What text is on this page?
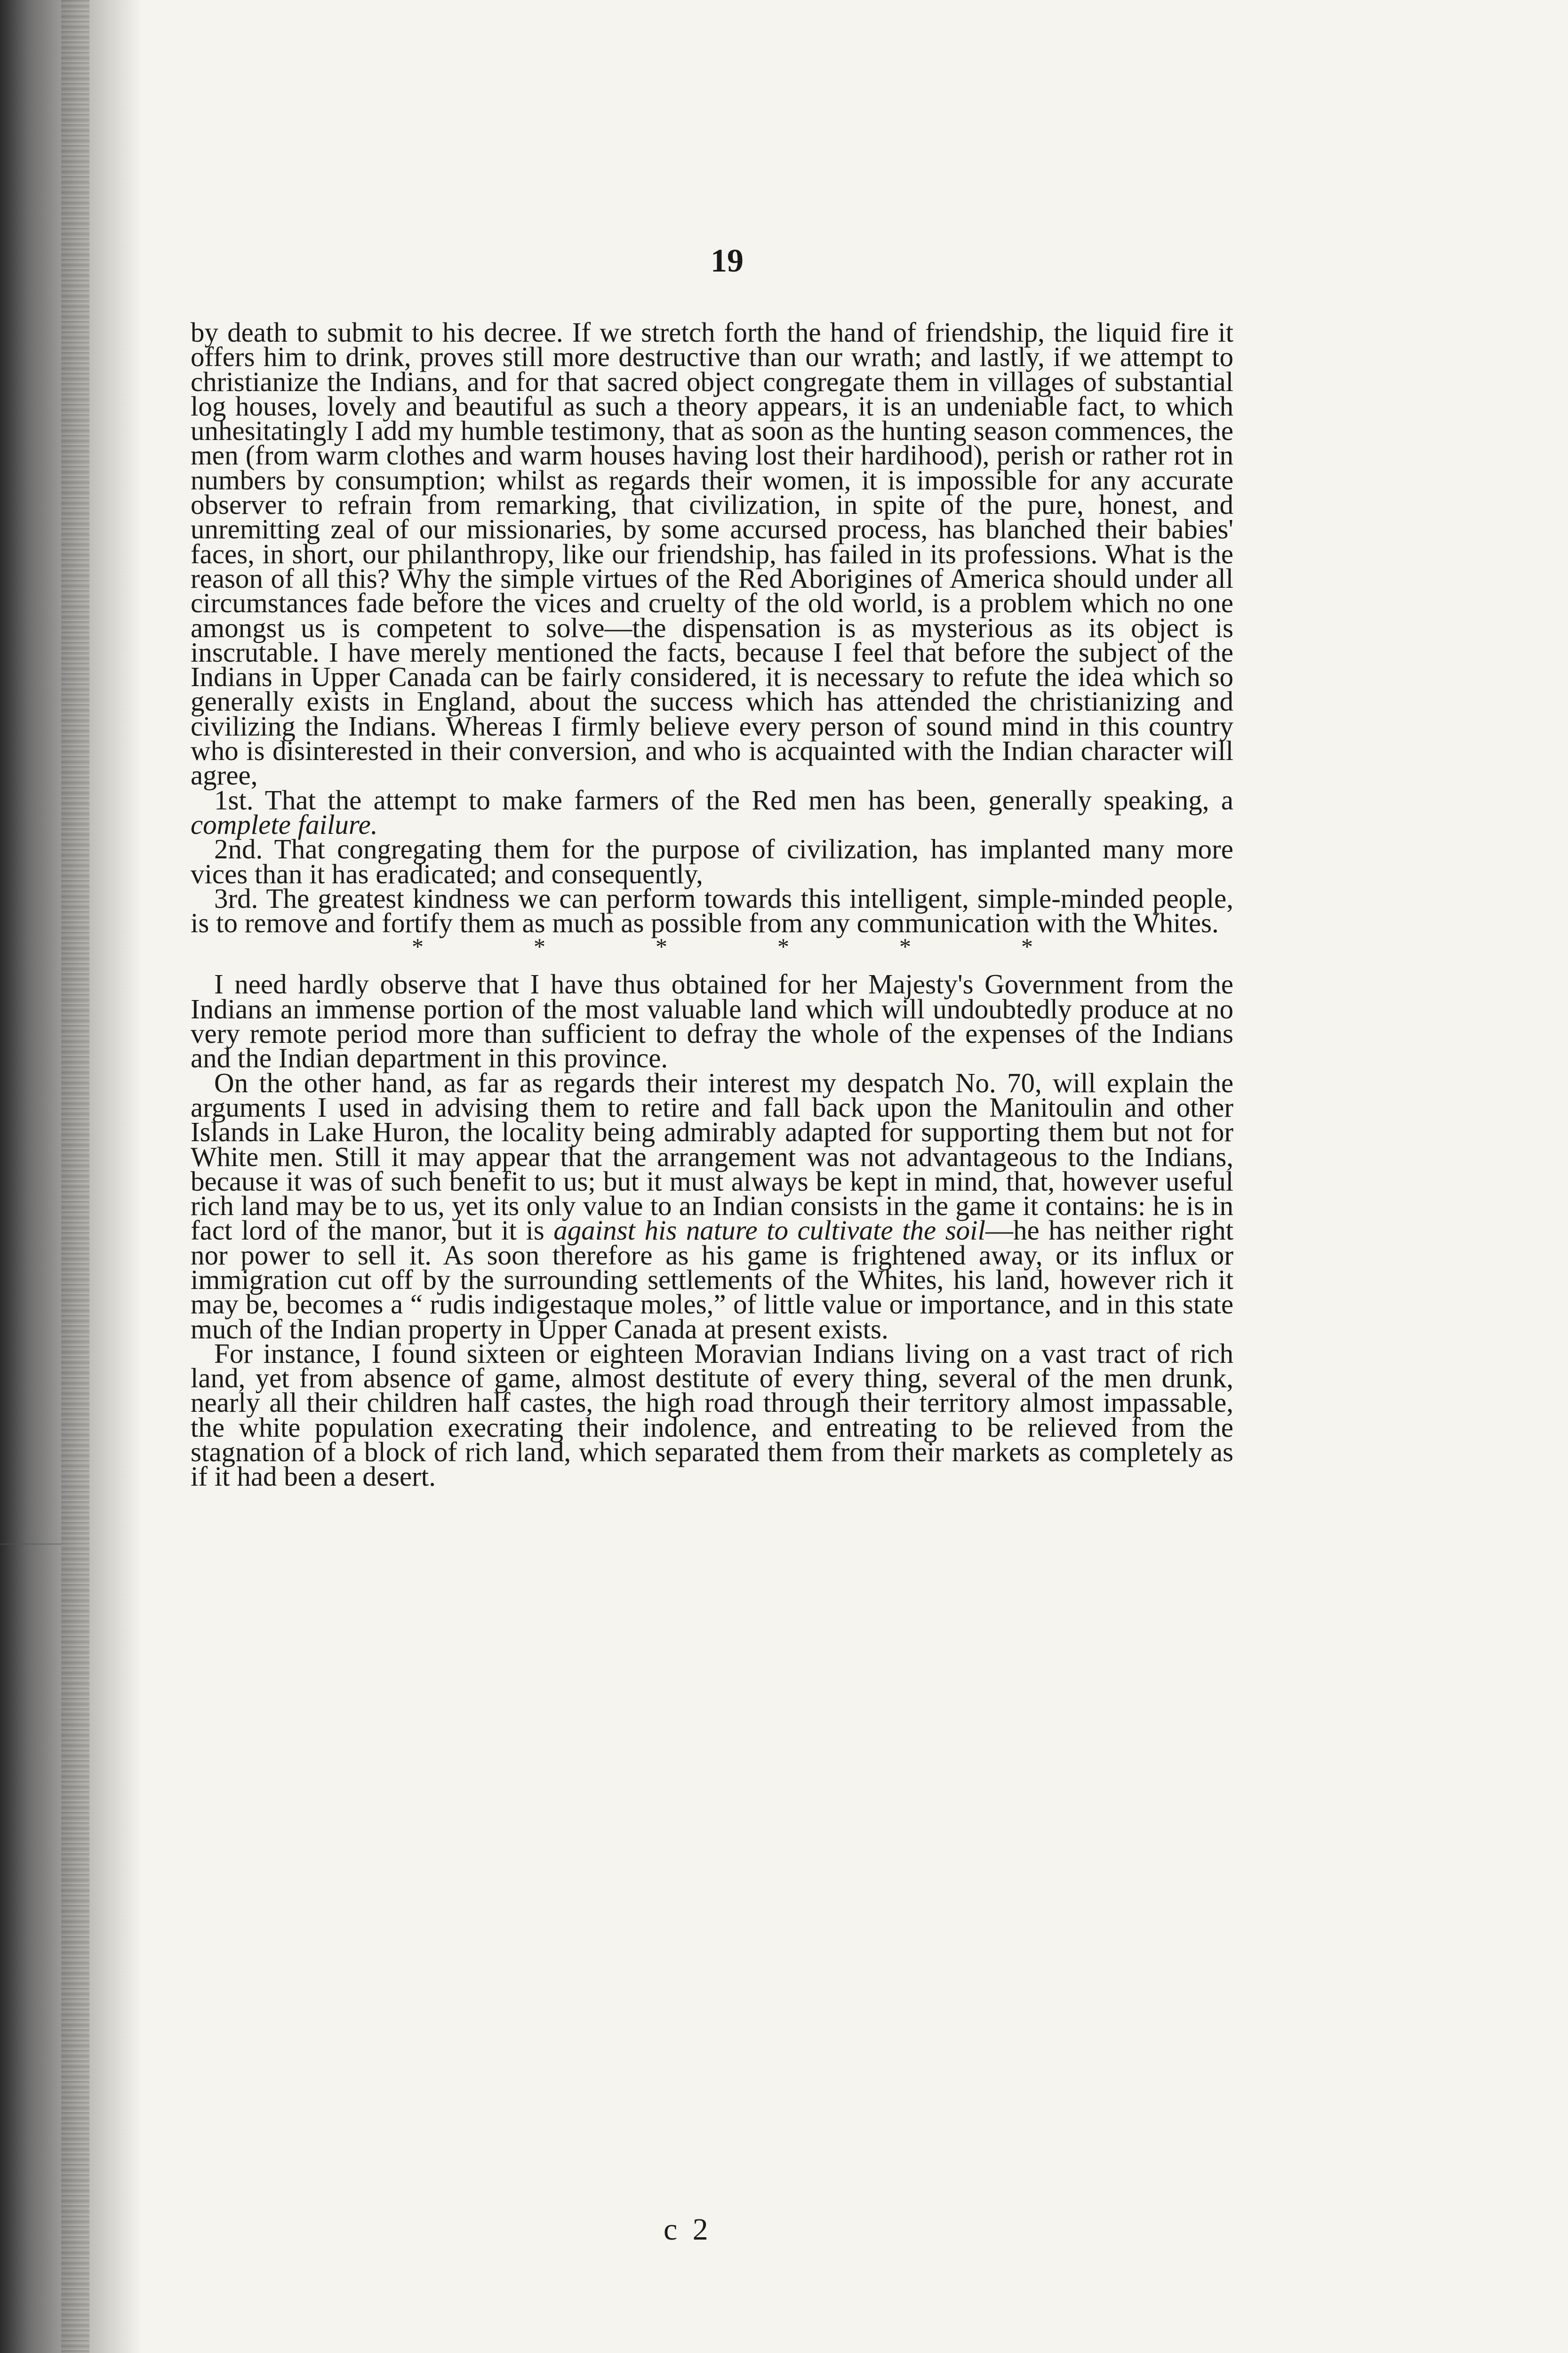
19

by death to submit to his decree. If we stretch forth the hand of friendship, the liquid fire it offers him to drink, proves still more destructive than our wrath; and lastly, if we attempt to christianize the Indians, and for that sacred object congregate them in villages of substantial log houses, lovely and beautiful as such a theory appears, it is an undeniable fact, to which unhesitatingly I add my humble testimony, that as soon as the hunting season commences, the men (from warm clothes and warm houses having lost their hardihood), perish or rather rot in numbers by consumption; whilst as regards their women, it is impossible for any accurate observer to refrain from remarking, that civilization, in spite of the pure, honest, and unremitting zeal of our missionaries, by some accursed process, has blanched their babies' faces, in short, our philanthropy, like our friendship, has failed in its professions. What is the reason of all this? Why the simple virtues of the Red Aborigines of America should under all circumstances fade before the vices and cruelty of the old world, is a problem which no one amongst us is competent to solve—the dispensation is as mysterious as its object is inscrutable. I have merely mentioned the facts, because I feel that before the subject of the Indians in Upper Canada can be fairly considered, it is necessary to refute the idea which so generally exists in England, about the success which has attended the christianizing and civilizing the Indians. Whereas I firmly believe every person of sound mind in this country who is disinterested in their conversion, and who is acquainted with the Indian character will agree,

1st. That the attempt to make farmers of the Red men has been, generally speaking, a complete failure.

2nd. That congregating them for the purpose of civilization, has implanted many more vices than it has eradicated; and consequently,

3rd. The greatest kindness we can perform towards this intelligent, simple-minded people, is to remove and fortify them as much as possible from any communication with the Whites.

*	*	*	*	*	*

I need hardly observe that I have thus obtained for her Majesty's Government from the Indians an immense portion of the most valuable land which will undoubtedly produce at no very remote period more than sufficient to defray the whole of the expenses of the Indians and the Indian department in this province.

On the other hand, as far as regards their interest my despatch No. 70, will explain the arguments I used in advising them to retire and fall back upon the Manitoulin and other Islands in Lake Huron, the locality being admirably adapted for supporting them but not for White men. Still it may appear that the arrangement was not advantageous to the Indians, because it was of such benefit to us; but it must always be kept in mind, that, however useful rich land may be to us, yet its only value to an Indian consists in the game it contains: he is in fact lord of the manor, but it is against his nature to cultivate the soil—he has neither right nor power to sell it. As soon therefore as his game is frightened away, or its influx or immigration cut off by the surrounding settlements of the Whites, his land, however rich it may be, becomes a “ rudis indigestaque moles,” of little value or importance, and in this state much of the Indian property in Upper Canada at present exists.

For instance, I found sixteen or eighteen Moravian Indians living on a vast tract of rich land, yet from absence of game, almost destitute of every thing, several of the men drunk, nearly all their children half castes, the high road through their territory almost impassable, the white population execrating their indolence, and entreating to be relieved from the stagnation of a block of rich land, which separated them from their markets as completely as if it had been a desert.

c 2
